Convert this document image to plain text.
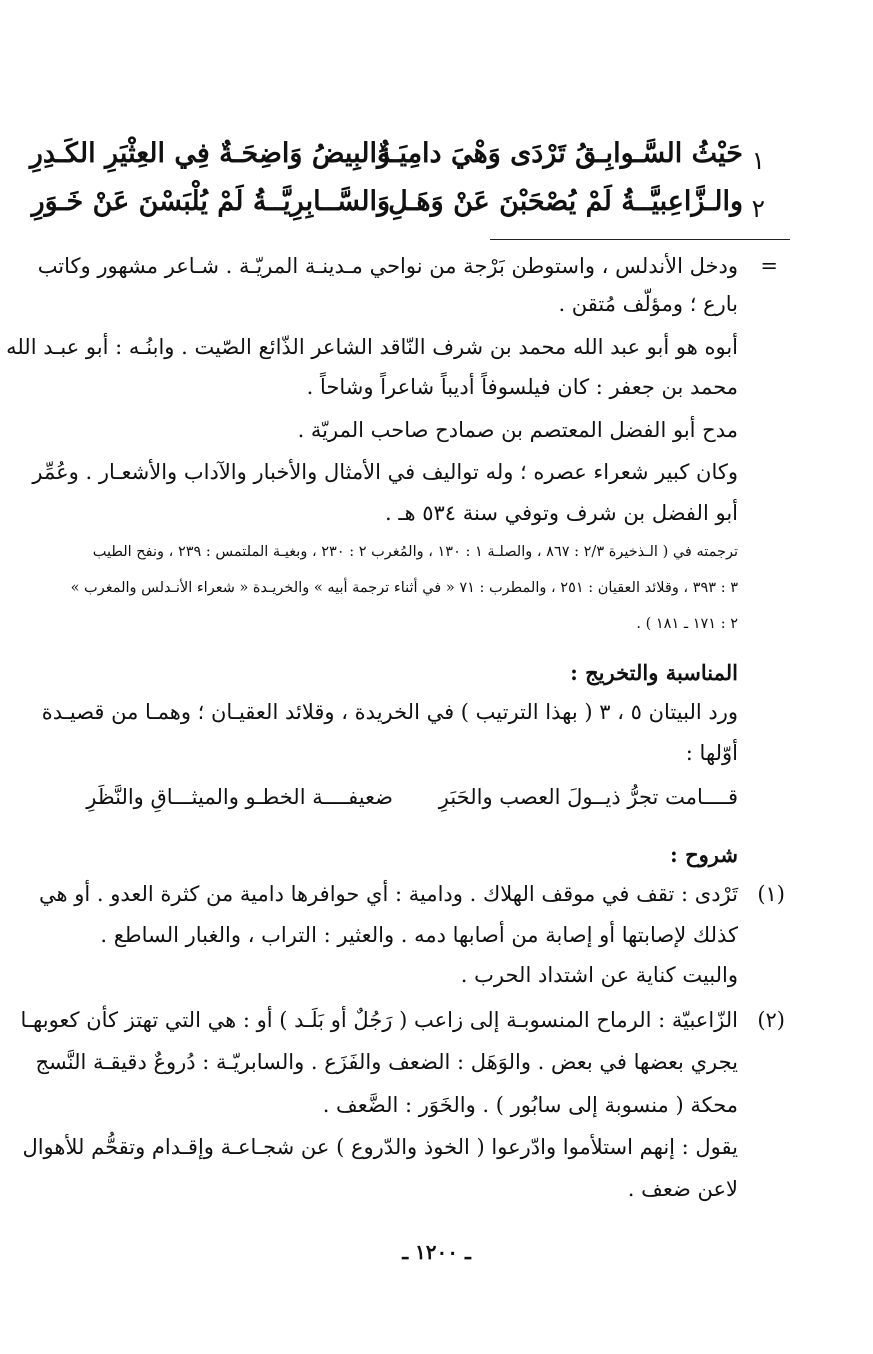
١
حَيْثُ السَّـوابِـقُ تَرْدَى وَهْيَ دامِيَـةٌ
وَالبِيضُ وَاضِحَـةٌ فِي العِثْيَرِ الكَـدِرِ
٢
والـزَّاعِبيَّــةُ لَمْ يُصْحَبْنَ عَنْ وَهَـلِ
وَالسَّــابِرِيَّــةُ لَمْ يُلْبَسْنَ عَنْ خَـوَرِ
=
ودخل الأندلس ، واستوطن بَرْجة من نواحي مـدينـة المريّـة . شـاعر مشهور وكاتب
بارع ؛ ومؤلّف مُتقن .
أبوه هو أبو عبد الله محمد بن شرف النّاقد الشاعر الذّائع الصّيت . وابنُـه : أبو عبـد الله
محمد بن جعفر : كان فيلسوفاً أديباً شاعراً وشاحاً .
مدح أبو الفضل المعتصم بن صمادح صاحب المريّة .
وكان كبير شعراء عصره ؛ وله تواليف في الأمثال والأخبار والآداب والأشعـار . وعُمِّر
أبو الفضل بن شرف وتوفي سنة ٥٣٤ هـ .
ترجمته في ( الـذخيرة ٢/٣ : ٨٦٧ ، والصلـة ١ : ١٣٠ ، والمُغرب ٢ : ٢٣٠ ، وبغيـة الملتمس : ٢٣٩ ، ونفح الطيب
٣ : ٣٩٣ ، وقلائد العقيان : ٢٥١ ، والمطرب : ٧١ « في أثناء ترجمة أبيه » والخريـدة « شعراء الأنـدلس والمغرب »
٢ : ١٧١ ـ ١٨١ ) .
المناسبة والتخريج :
ورد البيتان ٥ ، ٣ ( بهذا الترتيب ) في الخريدة ، وقلائد العقيـان ؛ وهمـا من قصيـدة
أوّلها :
قــــامت تجرُّ ذيــولَ العصب والحَبَرِ
ضعيفــــة الخطـو والميثـــاقِ والنَّظَرِ
شروح :
(١)
تَرْدى : تقف في موقف الهلاك . ودامية : أي حوافرها دامية من كثرة العدو . أو هي
كذلك لإصابتها أو إصابة من أصابها دمه . والعثير : التراب ، والغبار الساطع .
والبيت كناية عن اشتداد الحرب .
(٢)
الزّاعبيّة : الرماح المنسوبـة إلى زاعب ( رَجُلٌ أو بَلَـد ) أو : هي التي تهتز كأن كعوبهـا
يجري بعضها في بعض . والوَهَل : الضعف والفَزَع . والسابريّـة : دُروعٌ دقيقـة النَّسج
محكة ( منسوبة إلى سابُور ) . والخَوَر : الضَّعف .
يقول : إنهم استلأموا وادّرعوا ( الخوذ والدّروع ) عن شجـاعـة وإقـدام وتقحُّم للأهوال
لاعن ضعف .
ـ ١٢٠٠ ـ
